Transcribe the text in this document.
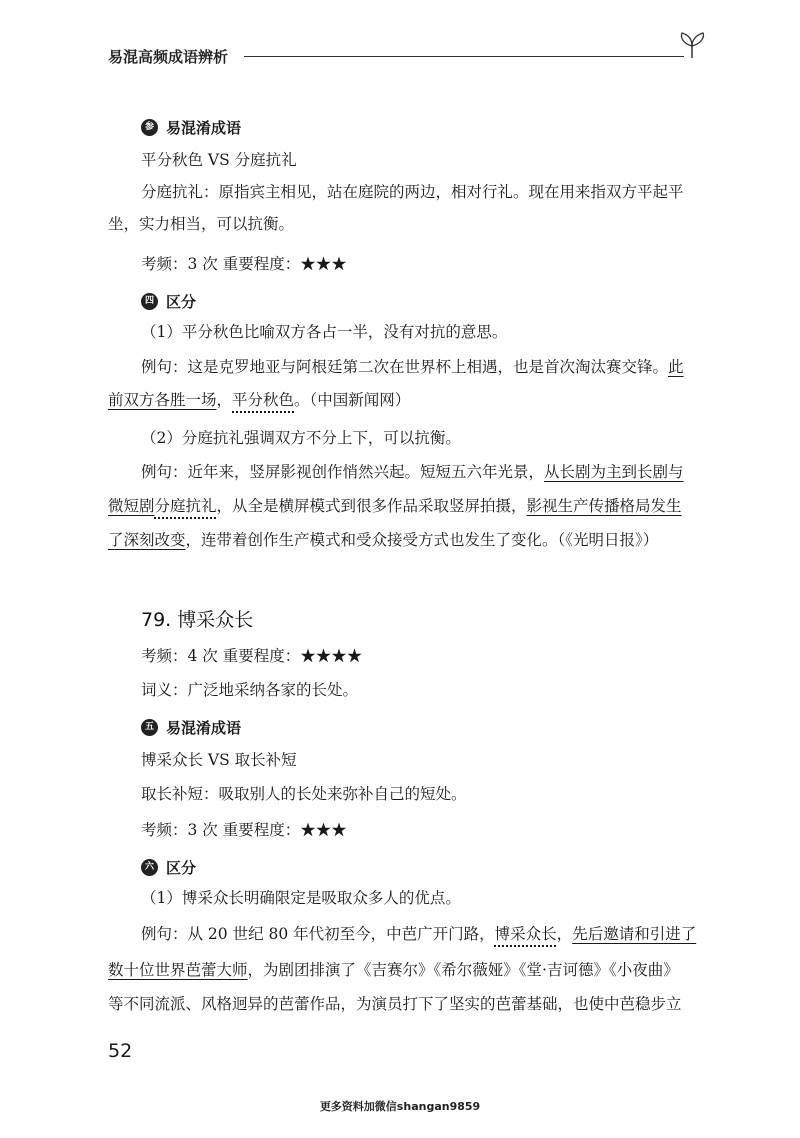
易混高频成语辨析
参 易混淆成语
平分秋色 VS 分庭抗礼
分庭抗礼：原指宾主相见，站在庭院的两边，相对行礼。现在用来指双方平起平
坐，实力相当，可以抗衡。
考频：3 次 重要程度：★★★
四 区分
（1）平分秋色比喻双方各占一半，没有对抗的意思。
例句：这是克罗地亚与阿根廷第二次在世界杯上相遇，也是首次淘汰赛交锋。此
前双方各胜一场，平分秋色。（中国新闻网）
（2）分庭抗礼强调双方不分上下，可以抗衡。
例句：近年来，竖屏影视创作悄然兴起。短短五六年光景，从长剧为主到长剧与
微短剧分庭抗礼，从全是横屏模式到很多作品采取竖屏拍摄，影视生产传播格局发生
了深刻改变，连带着创作生产模式和受众接受方式也发生了变化。（《光明日报》）
79. 博采众长
考频：4 次 重要程度：★★★★
词义：广泛地采纳各家的长处。
五 易混淆成语
博采众长 VS 取长补短
取长补短：吸取别人的长处来弥补自己的短处。
考频：3 次 重要程度：★★★
六 区分
（1）博采众长明确限定是吸取众多人的优点。
例句：从 20 世纪 80 年代初至今，中芭广开门路，博采众长，先后邀请和引进了
数十位世界芭蕾大师，为剧团排演了《吉赛尔》《希尔薇娅》《堂·吉诃德》《小夜曲》
等不同流派、风格迥异的芭蕾作品，为演员打下了坚实的芭蕾基础，也使中芭稳步立
52
更多资料加微信shangan9859
